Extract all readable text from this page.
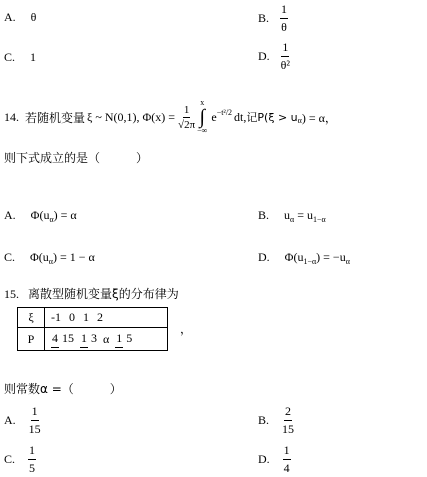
A. θ	B. $\frac{1}{\theta}$
C. 1	D. $\frac{1}{\text{θ²}}$
14. 若随机变量 ξ ~ N(0,1), $\Phi(x) = \frac{1}{√2\pi}$
x
∫
−∞
e −t²/2 dt, 记P(ξ > u α ) = α，
则下式成立的是（　　　）
A. $\Phi(u_\alpha) = \alpha$	B. $u_\alpha = u_{1-\alpha}$
C. $\Phi(u_\alpha) = 1 - \alpha$	D. $\Phi(u_{1-\alpha}) = -u_\alpha$
15. 离散型随机变量ξ的分布律为
ξ	-1 0 1 2

P	4 15 1 3 α 1 5
，
则常数α =（　　　）
A. $\frac{1}{15}$	B. $\frac{2}{15}$
C. $\frac{1}{5}$	D. $\frac{1}{4}$
